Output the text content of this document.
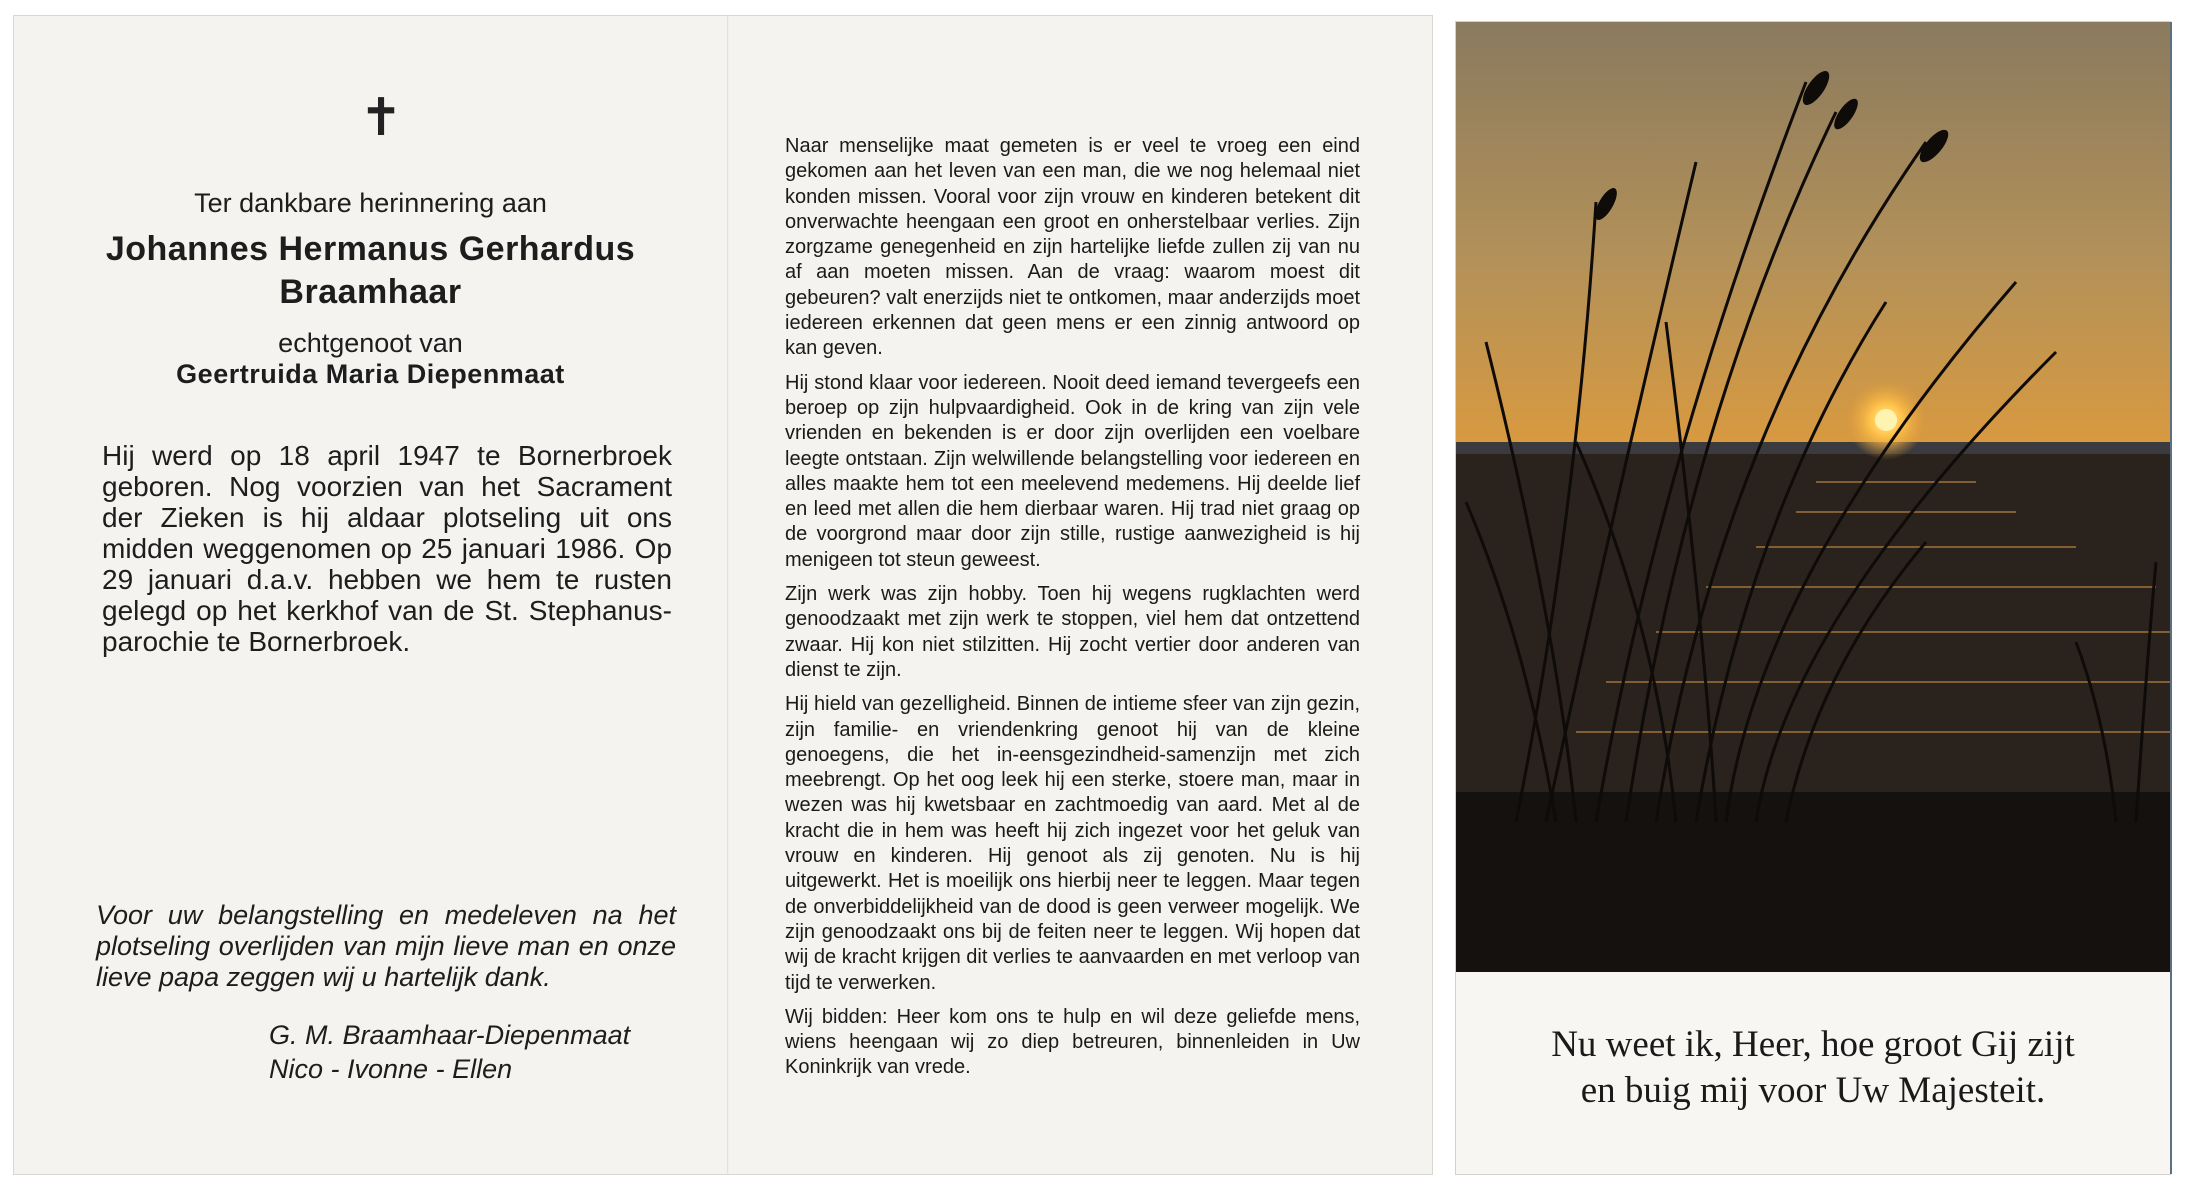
✝
Ter dankbare herinnering aan
Johannes Hermanus Gerhardus
Braamhaar
echtgenoot van
Geertruida Maria Diepenmaat
Hij werd op 18 april 1947 te Bornerbroek geboren. Nog voorzien van het Sacrament der Zieken is hij aldaar plotseling uit ons midden weggenomen op 25 januari 1986. Op 29 januari d.a.v. hebben we hem te rusten gelegd op het kerkhof van de St. Stephanus-parochie te Bornerbroek.
Voor uw belangstelling en medeleven na het plotseling overlijden van mijn lieve man en onze lieve papa zeggen wij u hartelijk dank.
G. M. Braamhaar-Diepenmaat
Nico - Ivonne - Ellen

Naar menselijke maat gemeten is er veel te vroeg een eind gekomen aan het leven van een man, die we nog helemaal niet konden missen. Vooral voor zijn vrouw en kinderen betekent dit onverwachte heengaan een groot en onherstelbaar verlies. Zijn zorgzame genegenheid en zijn hartelijke liefde zullen zij van nu af aan moeten missen. Aan de vraag: waarom moest dit gebeuren? valt enerzijds niet te ontkomen, maar anderzijds moet iedereen erkennen dat geen mens er een zinnig antwoord op kan geven.

Hij stond klaar voor iedereen. Nooit deed iemand tevergeefs een beroep op zijn hulpvaardigheid. Ook in de kring van zijn vele vrienden en bekenden is er door zijn overlijden een voelbare leegte ontstaan. Zijn welwillende belangstelling voor iedereen en alles maakte hem tot een meelevend medemens. Hij deelde lief en leed met allen die hem dierbaar waren. Hij trad niet graag op de voorgrond maar door zijn stille, rustige aanwezigheid is hij menigeen tot steun geweest.

Zijn werk was zijn hobby. Toen hij wegens rugklachten werd genoodzaakt met zijn werk te stoppen, viel hem dat ontzettend zwaar. Hij kon niet stilzitten. Hij zocht vertier door anderen van dienst te zijn.

Hij hield van gezelligheid. Binnen de intieme sfeer van zijn gezin, zijn familie- en vriendenkring genoot hij van de kleine genoegens, die het in-eensgezindheid-samenzijn met zich meebrengt. Op het oog leek hij een sterke, stoere man, maar in wezen was hij kwetsbaar en zachtmoedig van aard. Met al de kracht die in hem was heeft hij zich ingezet voor het geluk van vrouw en kinderen. Hij genoot als zij genoten. Nu is hij uitgewerkt. Het is moeilijk ons hierbij neer te leggen. Maar tegen de onverbiddelijkheid van de dood is geen verweer mogelijk. We zijn genoodzaakt ons bij de feiten neer te leggen. Wij hopen dat wij de kracht krijgen dit verlies te aanvaarden en met verloop van tijd te verwerken.

Wij bidden: Heer kom ons te hulp en wil deze geliefde mens, wiens heengaan wij zo diep betreuren, binnenleiden in Uw Koninkrijk van vrede.

Nu weet ik, Heer, hoe groot Gij zijt
en buig mij voor Uw Majesteit.
